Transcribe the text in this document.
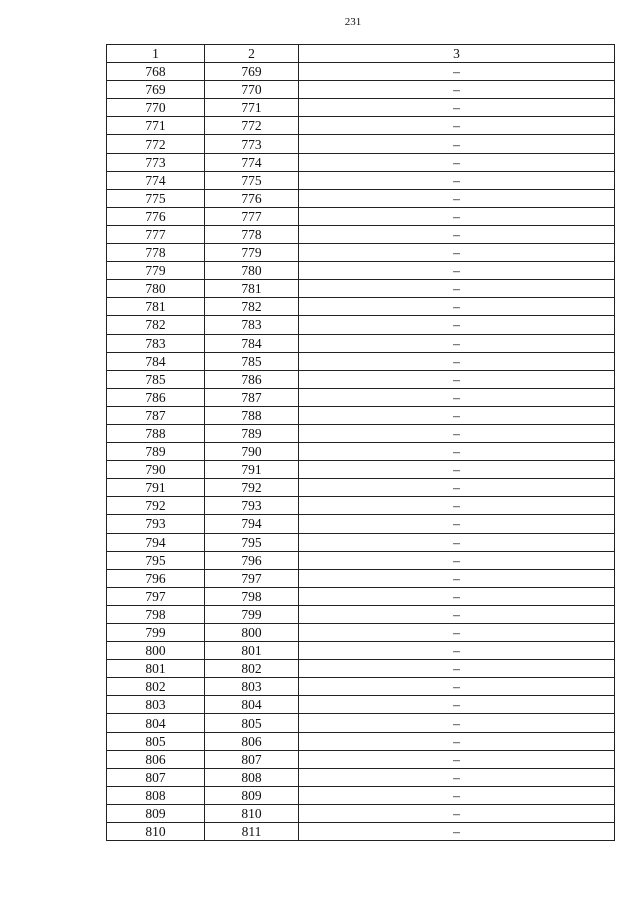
231
1	2	3
768	769	–
769	770	–
770	771	–
771	772	–
772	773	–
773	774	–
774	775	–
775	776	–
776	777	–
777	778	–
778	779	–
779	780	–
780	781	–
781	782	–
782	783	–
783	784	–
784	785	–
785	786	–
786	787	–
787	788	–
788	789	–
789	790	–
790	791	–
791	792	–
792	793	–
793	794	–
794	795	–
795	796	–
796	797	–
797	798	–
798	799	–
799	800	–
800	801	–
801	802	–
802	803	–
803	804	–
804	805	–
805	806	–
806	807	–
807	808	–
808	809	–
809	810	–
810	811	–
